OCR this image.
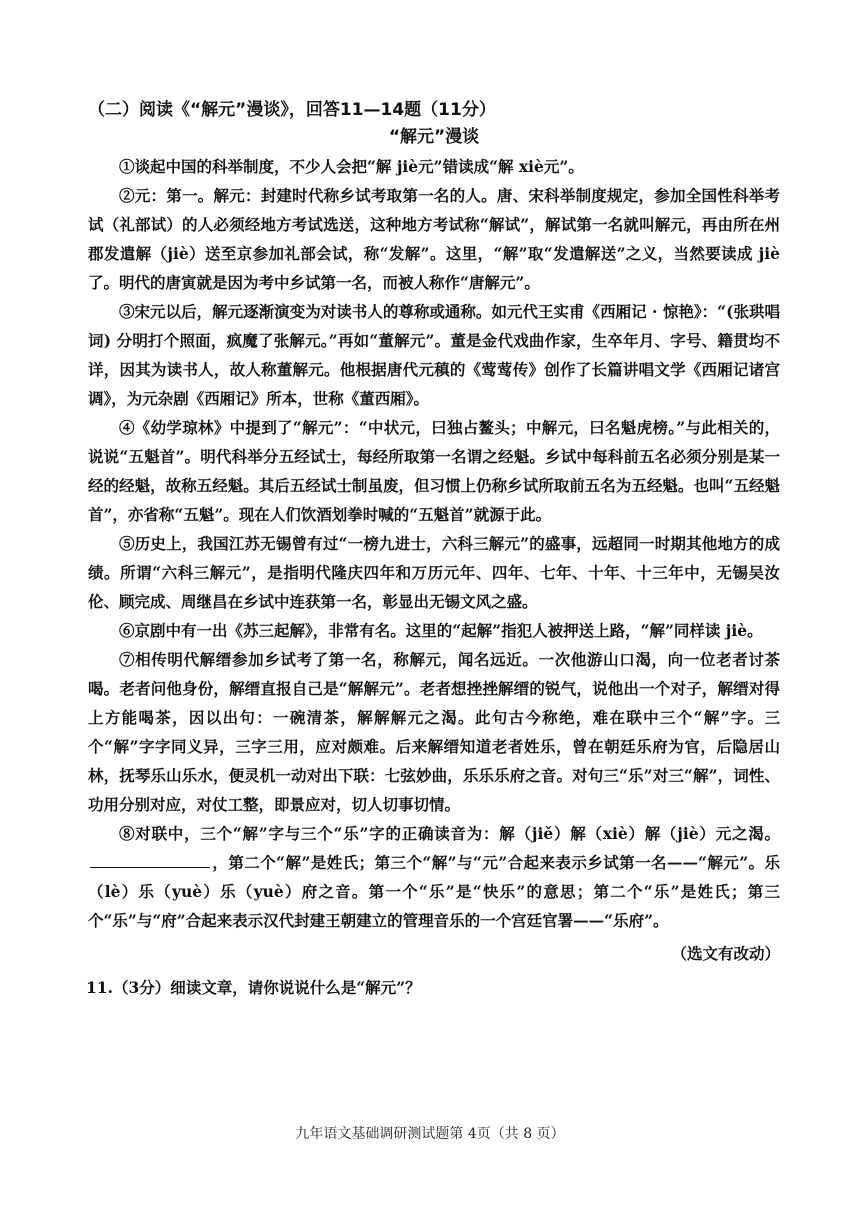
（二）阅读《“解元”漫谈》，回答11—14题（11分）

“解元”漫谈

①谈起中国的科举制度，不少人会把“解 jiè元”错读成“解 xiè元”。

②元：第一。解元：封建时代称乡试考取第一名的人。唐、宋科举制度规定，参加全国性科举考试（礼部试）的人必须经地方考试选送，这种地方考试称“解试”，解试第一名就叫解元，再由所在州郡发遣解（jiè）送至京参加礼部会试，称“发解”。这里，“解”取“发遣解送”之义，当然要读成 jiè了。明代的唐寅就是因为考中乡试第一名，而被人称作“唐解元”。

③宋元以后，解元逐渐演变为对读书人的尊称或通称。如元代王实甫《西厢记 · 惊艳》：“(张珙唱词) 分明打个照面，疯魔了张解元。”再如“董解元”。董是金代戏曲作家，生卒年月、字号、籍贯均不详，因其为读书人，故人称董解元。他根据唐代元稹的《莺莺传》创作了长篇讲唱文学《西厢记诸宫调》，为元杂剧《西厢记》所本，世称《董西厢》。

④《幼学琼林》中提到了“解元”：“中状元，曰独占鳌头；中解元，曰名魁虎榜。”与此相关的，说说“五魁首”。明代科举分五经试士，每经所取第一名谓之经魁。乡试中每科前五名必须分别是某一经的经魁，故称五经魁。其后五经试士制虽废，但习惯上仍称乡试所取前五名为五经魁。也叫“五经魁首”，亦省称“五魁”。现在人们饮酒划拳时喊的“五魁首”就源于此。

⑤历史上，我国江苏无锡曾有过“一榜九进士，六科三解元”的盛事，远超同一时期其他地方的成绩。所谓“六科三解元”，是指明代隆庆四年和万历元年、四年、七年、十年、十三年中，无锡吴汝伦、顾完成、周继昌在乡试中连获第一名，彰显出无锡文风之盛。

⑥京剧中有一出《苏三起解》，非常有名。这里的“起解”指犯人被押送上路，“解”同样读 jiè。

⑦相传明代解缙参加乡试考了第一名，称解元，闻名远近。一次他游山口渴，向一位老者讨茶喝。老者问他身份，解缙直报自己是“解解元”。老者想挫挫解缙的锐气，说他出一个对子，解缙对得上方能喝茶，因以出句：一碗清茶，解解解元之渴。此句古今称绝，难在联中三个“解”字。三个“解”字字同义异，三字三用，应对颇难。后来解缙知道老者姓乐，曾在朝廷乐府为官，后隐居山林，抚琴乐山乐水，便灵机一动对出下联：七弦妙曲，乐乐乐府之音。对句三“乐”对三“解”，词性、功用分别对应，对仗工整，即景应对，切人切事切情。

⑧对联中，三个“解”字与三个“乐”字的正确读音为：解（jiě）解（xiè）解（jiè）元之渴。，第二个“解”是姓氏；第三个“解”与“元”合起来表示乡试第一名——“解元”。乐（lè）乐（yuè）乐（yuè）府之音。第一个“乐”是“快乐”的意思；第二个“乐”是姓氏；第三个“乐”与“府”合起来表示汉代封建王朝建立的管理音乐的一个宫廷官署——“乐府”。

（选文有改动）

11.（3分）细读文章，请你说说什么是“解元”？

九年语文基础调研测试题第 4页（共 8 页）
